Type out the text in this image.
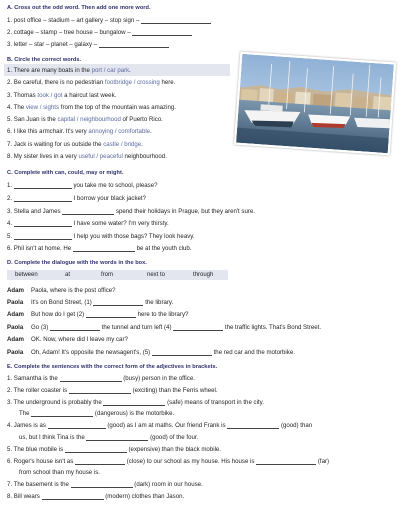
A. Cross out the odd word. Then add one more word.
1. post office – stadium – art gallery – stop sign –
2. cottage – stamp – tree house – bungalow –
3. letter – star – planet – galaxy –
B. Circle the correct words.
1. There are many boats in the port / car park.
2. Be careful, there is no pedestrian footbridge / crossing here.
3. Thomas took / got a haircut last week.
4. The view / sights from the top of the mountain was amazing.
5. San Juan is the capital / neighbourhood of Puerto Rico.
6. I like this armchair. It's very annoying / comfortable.
7. Jack is waiting for us outside the castle / bridge.
8. My sister lives in a very useful / peaceful neighbourhood.
C. Complete with can, could, may or might.
1.	you take me to school, please?
2.	I borrow your black jacket?
3. Stella and James	spend their holidays in Prague, but they aren't sure.
4.	I have some water? I'm very thirsty.
5.	I help you with those bags? They look heavy.
6. Phil isn't at home. He	be at the youth club.
D. Complete the dialogue with the words in the box.
between	at	from	next to	through
Adam Paola, where is the post office?
Paola It's on Bond Street, (1)	the library.
Adam But how do I get (2)	here to the library?
Paola Go (3)	the tunnel and turn left (4)	the traffic lights. That's Bond Street.
Adam OK. Now, where did I leave my car?
Paola Oh, Adam! It's opposite the newsagent's, (5)	the red car and the motorbike.
E. Complete the sentences with the correct form of the adjectives in brackets.
1. Samantha is the	(busy) person in the office.
2. The roller coaster is	(exciting) than the Ferris wheel.
3. The underground is probably the	(safe) means of transport in the city.
The	(dangerous) is the motorbike.
4. James is as	(good) as I am at maths. Our friend Frank is	(good) than
us, but I think Tina is the	(good) of the four.
5. The blue mobile is	(expensive) than the black mobile.
6. Roger's house isn't as	(close) to our school as my house. His house is	(far)
from school than my house is.
7. The basement is the	(dark) room in our house.
8. Bill wears	(modern) clothes than Jason.
